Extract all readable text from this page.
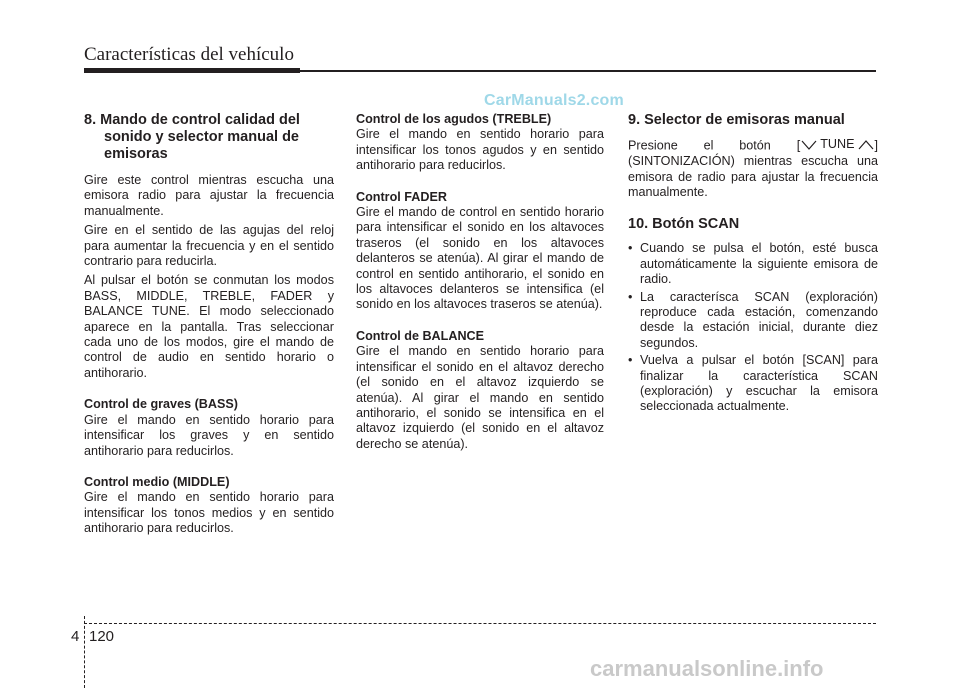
Características del vehículo
CarManuals2.com
8. Mando de control calidad del sonido y selector manual de emisoras

Gire este control mientras escucha una emisora radio para ajustar la frecuencia manualmente.

Gire en el sentido de las agujas del reloj para aumentar la frecuencia y en el sentido contrario para reducirla.

Al pulsar el botón se conmutan los modos BASS, MIDDLE, TREBLE, FADER y BALANCE TUNE. El modo seleccionado aparece en la pantalla. Tras seleccionar cada uno de los modos, gire el mando de control de audio en sentido horario o antihorario.

Control de graves (BASS)

Gire el mando en sentido horario para intensificar los graves y en sentido antihorario para reducirlos.

Control medio (MIDDLE)

Gire el mando en sentido horario para intensificar los tonos medios y en sentido antihorario para reducirlos.

Control de los agudos (TREBLE)

Gire el mando en sentido horario para intensificar los tonos agudos y en sentido antihorario para reducirlos.

Control FADER

Gire el mando de control en sentido horario para intensificar el sonido en los altavoces traseros (el sonido en los altavoces delanteros se atenúa). Al girar el mando de control en sentido antihorario, el sonido en los altavoces delanteros se intensifica (el sonido en los altavoces traseros se atenúa).

Control de BALANCE

Gire el mando en sentido horario para intensificar el sonido en el altavoz derecho (el sonido en el altavoz izquierdo se atenúa). Al girar el mando en sentido antihorario, el sonido se intensifica en el altavoz izquierdo (el sonido en el altavoz derecho se atenúa).

9. Selector de emisoras manual

Presione el botón [ TUNE ] (SINTONIZACIÓN) mientras escucha una emisora de radio para ajustar la frecuencia manualmente.

10. Botón SCAN
• Cuando se pulsa el botón, esté busca automáticamente la siguiente emisora de radio.
• La caracterísca SCAN (exploración) reproduce cada estación, comenzando desde la estación inicial, durante diez segundos.
• Vuelva a pulsar el botón [SCAN] para finalizar la característica SCAN (exploración) y escuchar la emisora seleccionada actualmente.
4 120
carmanualsonline.info
